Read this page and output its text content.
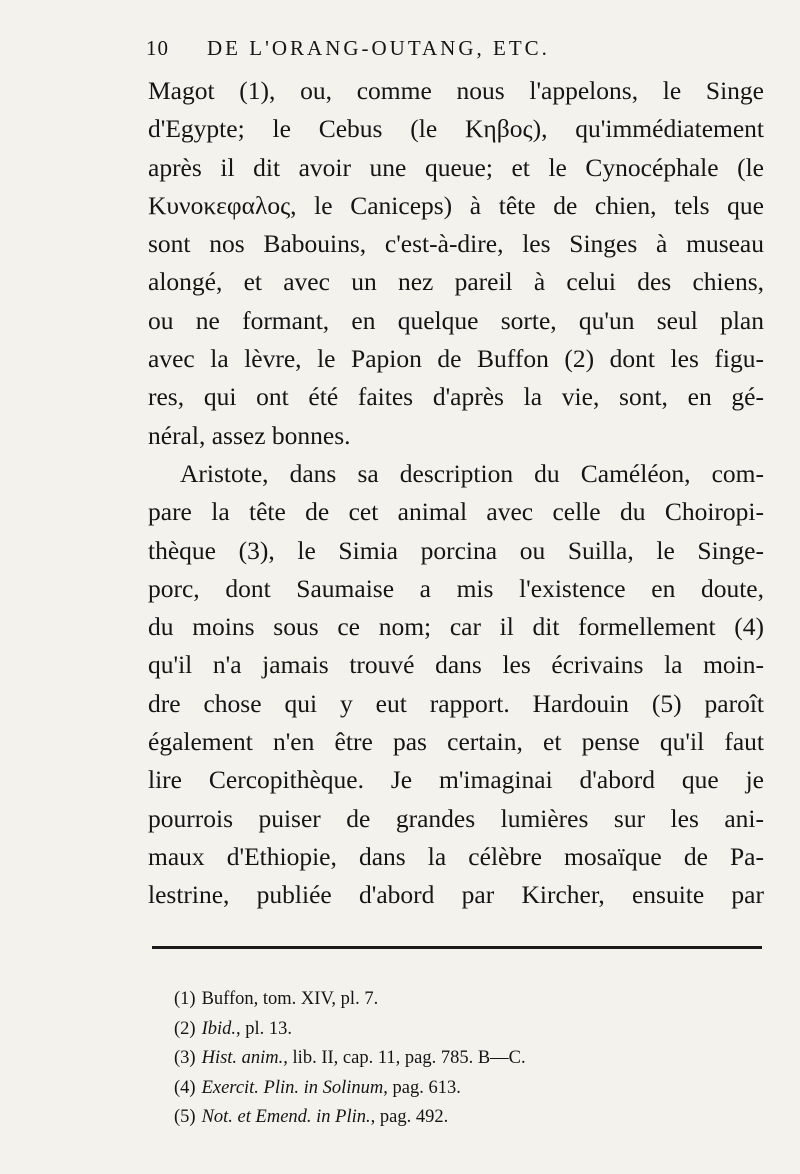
10 DE L'ORANG-OUTANG, ETC.
Magot (1), ou, comme nous l'appelons, le Singe
d'Egypte; le Cebus (le Κηβος), qu'immédiatement
après il dit avoir une queue; et le Cynocéphale (le
Κυνοκεφαλος, le Caniceps) à tête de chien, tels que
sont nos Babouins, c'est-à-dire, les Singes à museau
alongé, et avec un nez pareil à celui des chiens,
ou ne formant, en quelque sorte, qu'un seul plan
avec la lèvre, le Papion de Buffon (2) dont les figu-
res, qui ont été faites d'après la vie, sont, en gé-
néral, assez bonnes.
Aristote, dans sa description du Caméléon, com-
pare la tête de cet animal avec celle du Choiropi-
thèque (3), le Simia porcina ou Suilla, le Singe-
porc, dont Saumaise a mis l'existence en doute,
du moins sous ce nom; car il dit formellement (4)
qu'il n'a jamais trouvé dans les écrivains la moin-
dre chose qui y eut rapport. Hardouin (5) paroît
également n'en être pas certain, et pense qu'il faut
lire Cercopithèque. Je m'imaginai d'abord que je
pourrois puiser de grandes lumières sur les ani-
maux d'Ethiopie, dans la célèbre mosaïque de Pa-
lestrine, publiée d'abord par Kircher, ensuite par
(1) Buffon, tom. XIV, pl. 7.
(2) Ibid., pl. 13.
(3) Hist. anim., lib. II, cap. 11, pag. 785. B—C.
(4) Exercit. Plin. in Solinum, pag. 613.
(5) Not. et Emend. in Plin., pag. 492.
